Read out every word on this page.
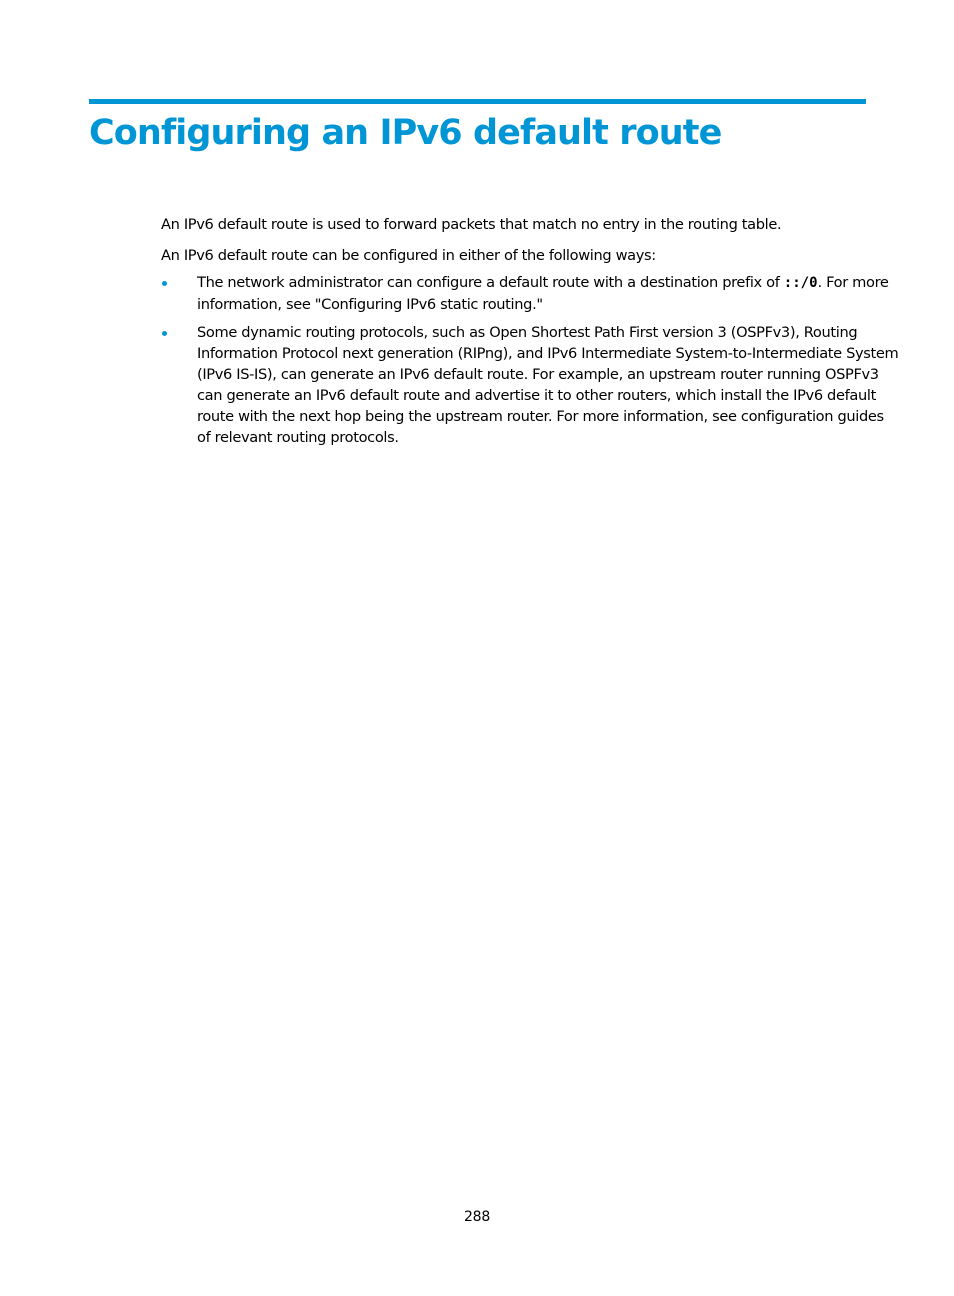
Configuring an IPv6 default route

An IPv6 default route is used to forward packets that match no entry in the routing table.

An IPv6 default route can be configured in either of the following ways:

The network administrator can configure a default route with a destination prefix of ::/0. For more
information, see "Configuring IPv6 static routing."
Some dynamic routing protocols, such as Open Shortest Path First version 3 (OSPFv3), Routing
Information Protocol next generation (RIPng), and IPv6 Intermediate System-to-Intermediate System
(IPv6 IS-IS), can generate an IPv6 default route. For example, an upstream router running OSPFv3
can generate an IPv6 default route and advertise it to other routers, which install the IPv6 default
route with the next hop being the upstream router. For more information, see configuration guides
of relevant routing protocols.
288
